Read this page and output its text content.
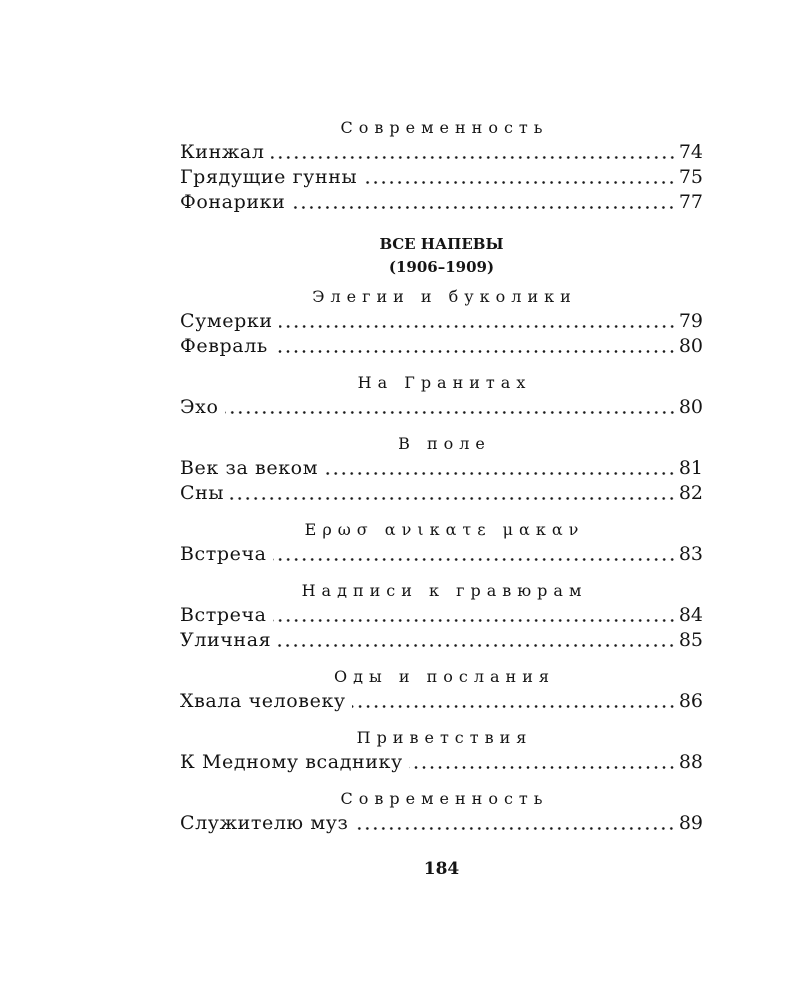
Современность
Кинжал	74
Грядущие гунны	75
Фонарики	77
ВСЕ НАПЕВЫ
(1906–1909)
Элегии и буколики
Сумерки	79
Февраль	80
На Гранитах
Эхо	80
В поле
Век за веком	81
Сны	82
Ερωσ ανικατε μακαν
Встреча	83
Надписи к гравюрам
Встреча	84
Уличная	85
Оды и послания
Хвала человеку	86
Приветствия
К Медному всаднику	88
Современность
Служителю муз	89
184
